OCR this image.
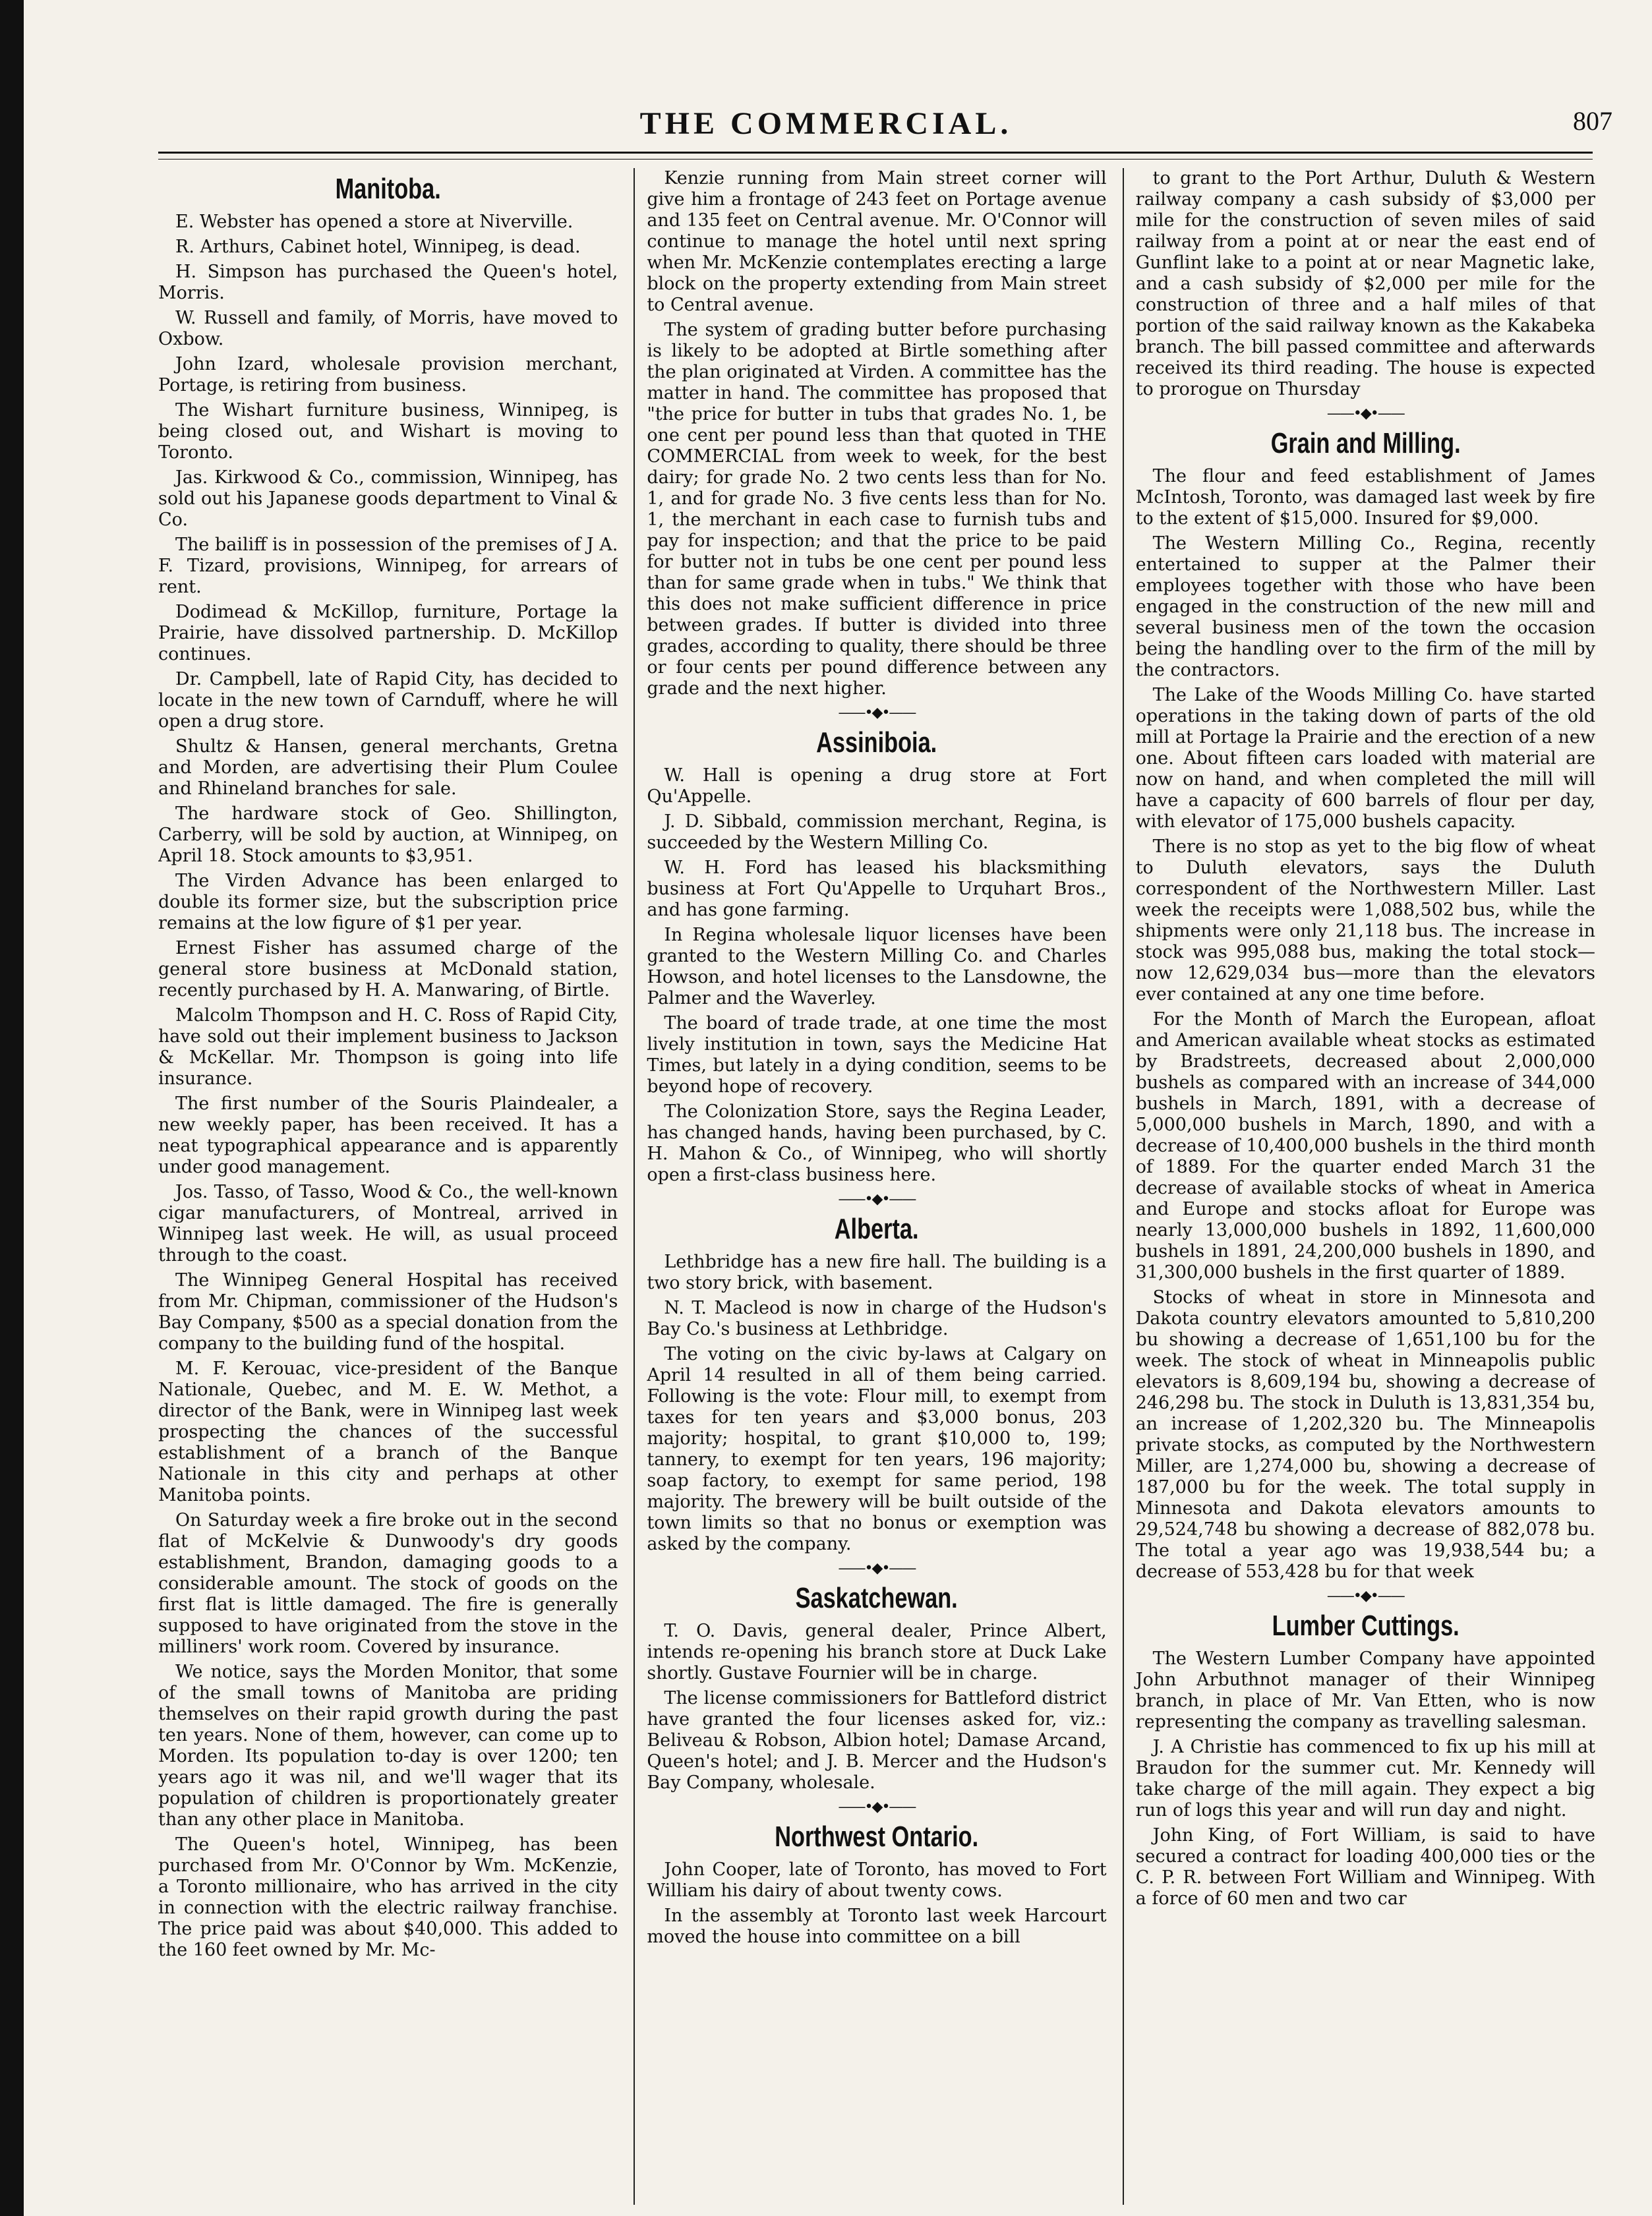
THE COMMERCIAL.	807
Manitoba.

E. Webster has opened a store at Niverville.

R. Arthurs, Cabinet hotel, Winnipeg, is dead.

H. Simpson has purchased the Queen's hotel, Morris.

W. Russell and family, of Morris, have moved to Oxbow.

John Izard, wholesale provision merchant, Portage, is retiring from business.

The Wishart furniture business, Winnipeg, is being closed out, and Wishart is moving to Toronto.

Jas. Kirkwood & Co., commission, Winnipeg, has sold out his Japanese goods department to Vinal & Co.

The bailiff is in possession of the premises of J A. F. Tizard, provisions, Winnipeg, for arrears of rent.

Dodimead & McKillop, furniture, Portage la Prairie, have dissolved partnership. D. McKillop continues.

Dr. Campbell, late of Rapid City, has decided to locate in the new town of Carnduff, where he will open a drug store.

Shultz & Hansen, general merchants, Gretna and Morden, are advertising their Plum Coulee and Rhineland branches for sale.

The hardware stock of Geo. Shillington, Carberry, will be sold by auction, at Winnipeg, on April 18. Stock amounts to $3,951.

The Virden Advance has been enlarged to double its former size, but the subscription price remains at the low figure of $1 per year.

Ernest Fisher has assumed charge of the general store business at McDonald station, recently purchased by H. A. Manwaring, of Birtle.

Malcolm Thompson and H. C. Ross of Rapid City, have sold out their implement business to Jackson & McKellar. Mr. Thompson is going into life insurance.

The first number of the Souris Plaindealer, a new weekly paper, has been received. It has a neat typographical appearance and is apparently under good management.

Jos. Tasso, of Tasso, Wood & Co., the well-known cigar manufacturers, of Montreal, arrived in Winnipeg last week. He will, as usual proceed through to the coast.

The Winnipeg General Hospital has received from Mr. Chipman, commissioner of the Hudson's Bay Company, $500 as a special donation from the company to the building fund of the hospital.

M. F. Kerouac, vice-president of the Banque Nationale, Quebec, and M. E. W. Methot, a director of the Bank, were in Winnipeg last week prospecting the chances of the successful establishment of a branch of the Banque Nationale in this city and perhaps at other Manitoba points.

On Saturday week a fire broke out in the second flat of McKelvie & Dunwoody's dry goods establishment, Brandon, damaging goods to a considerable amount. The stock of goods on the first flat is little damaged. The fire is generally supposed to have originated from the stove in the milliners' work room. Covered by insurance.

We notice, says the Morden Monitor, that some of the small towns of Manitoba are priding themselves on their rapid growth during the past ten years. None of them, however, can come up to Morden. Its population to-day is over 1200; ten years ago it was nil, and we'll wager that its population of children is proportionately greater than any other place in Manitoba.

The Queen's hotel, Winnipeg, has been purchased from Mr. O'Connor by Wm. McKenzie, a Toronto millionaire, who has arrived in the city in connection with the electric railway franchise. The price paid was about $40,000. This added to the 160 feet owned by Mr. Mc-

Kenzie running from Main street corner will give him a frontage of 243 feet on Portage avenue and 135 feet on Central avenue. Mr. O'Connor will continue to manage the hotel until next spring when Mr. McKenzie contemplates erecting a large block on the property extending from Main street to Central avenue.

The system of grading butter before purchasing is likely to be adopted at Birtle something after the plan originated at Virden. A committee has the matter in hand. The committee has proposed that "the price for butter in tubs that grades No. 1, be one cent per pound less than that quoted in THE COMMERCIAL from week to week, for the best dairy; for grade No. 2 two cents less than for No. 1, and for grade No. 3 five cents less than for No. 1, the merchant in each case to furnish tubs and pay for inspection; and that the price to be paid for butter not in tubs be one cent per pound less than for same grade when in tubs." We think that this does not make sufficient difference in price between grades. If butter is divided into three grades, according to quality, there should be three or four cents per pound difference between any grade and the next higher.

——•◆•——
Assiniboia.

W. Hall is opening a drug store at Fort Qu'Appelle.

J. D. Sibbald, commission merchant, Regina, is succeeded by the Western Milling Co.

W. H. Ford has leased his blacksmithing business at Fort Qu'Appelle to Urquhart Bros., and has gone farming.

In Regina wholesale liquor licenses have been granted to the Western Milling Co. and Charles Howson, and hotel licenses to the Lansdowne, the Palmer and the Waverley.

The board of trade trade, at one time the most lively institution in town, says the Medicine Hat Times, but lately in a dying condition, seems to be beyond hope of recovery.

The Colonization Store, says the Regina Leader, has changed hands, having been purchased, by C. H. Mahon & Co., of Winnipeg, who will shortly open a first-class business here.

——•◆•——
Alberta.

Lethbridge has a new fire hall. The building is a two story brick, with basement.

N. T. Macleod is now in charge of the Hudson's Bay Co.'s business at Lethbridge.

The voting on the civic by-laws at Calgary on April 14 resulted in all of them being carried. Following is the vote: Flour mill, to exempt from taxes for ten years and $3,000 bonus, 203 majority; hospital, to grant $10,000 to, 199; tannery, to exempt for ten years, 196 majority; soap factory, to exempt for same period, 198 majority. The brewery will be built outside of the town limits so that no bonus or exemption was asked by the company.

——•◆•——
Saskatchewan.

T. O. Davis, general dealer, Prince Albert, intends re-opening his branch store at Duck Lake shortly. Gustave Fournier will be in charge.

The license commissioners for Battleford district have granted the four licenses asked for, viz.: Beliveau & Robson, Albion hotel; Damase Arcand, Queen's hotel; and J. B. Mercer and the Hudson's Bay Company, wholesale.

——•◆•——
Northwest Ontario.

John Cooper, late of Toronto, has moved to Fort William his dairy of about twenty cows.

In the assembly at Toronto last week Harcourt moved the house into committee on a bill

to grant to the Port Arthur, Duluth & Western railway company a cash subsidy of $3,000 per mile for the construction of seven miles of said railway from a point at or near the east end of Gunflint lake to a point at or near Magnetic lake, and a cash subsidy of $2,000 per mile for the construction of three and a half miles of that portion of the said railway known as the Kakabeka branch. The bill passed committee and afterwards received its third reading. The house is expected to prorogue on Thursday

——•◆•——
Grain and Milling.

The flour and feed establishment of James McIntosh, Toronto, was damaged last week by fire to the extent of $15,000. Insured for $9,000.

The Western Milling Co., Regina, recently entertained to supper at the Palmer their employees together with those who have been engaged in the construction of the new mill and several business men of the town the occasion being the handling over to the firm of the mill by the contractors.

The Lake of the Woods Milling Co. have started operations in the taking down of parts of the old mill at Portage la Prairie and the erection of a new one. About fifteen cars loaded with material are now on hand, and when completed the mill will have a capacity of 600 barrels of flour per day, with elevator of 175,000 bushels capacity.

There is no stop as yet to the big flow of wheat to Duluth elevators, says the Duluth correspondent of the Northwestern Miller. Last week the receipts were 1,088,502 bus, while the shipments were only 21,118 bus. The increase in stock was 995,088 bus, making the total stock—now 12,629,034 bus—more than the elevators ever contained at any one time before.

For the Month of March the European, afloat and American available wheat stocks as estimated by Bradstreets, decreased about 2,000,000 bushels as compared with an increase of 344,000 bushels in March, 1891, with a decrease of 5,000,000 bushels in March, 1890, and with a decrease of 10,400,000 bushels in the third month of 1889. For the quarter ended March 31 the decrease of available stocks of wheat in America and Europe and stocks afloat for Europe was nearly 13,000,000 bushels in 1892, 11,600,000 bushels in 1891, 24,200,000 bushels in 1890, and 31,300,000 bushels in the first quarter of 1889.

Stocks of wheat in store in Minnesota and Dakota country elevators amounted to 5,810,200 bu showing a decrease of 1,651,100 bu for the week. The stock of wheat in Minneapolis public elevators is 8,609,194 bu, showing a decrease of 246,298 bu. The stock in Duluth is 13,831,354 bu, an increase of 1,202,320 bu. The Minneapolis private stocks, as computed by the Northwestern Miller, are 1,274,000 bu, showing a decrease of 187,000 bu for the week. The total supply in Minnesota and Dakota elevators amounts to 29,524,748 bu showing a decrease of 882,078 bu. The total a year ago was 19,938,544 bu; a decrease of 553,428 bu for that week

——•◆•——
Lumber Cuttings.

The Western Lumber Company have appointed John Arbuthnot manager of their Winnipeg branch, in place of Mr. Van Etten, who is now representing the company as travelling salesman.

J. A Christie has commenced to fix up his mill at Braudon for the summer cut. Mr. Kennedy will take charge of the mill again. They expect a big run of logs this year and will run day and night.

John King, of Fort William, is said to have secured a contract for loading 400,000 ties or the C. P. R. between Fort William and Winnipeg. With a force of 60 men and two car
